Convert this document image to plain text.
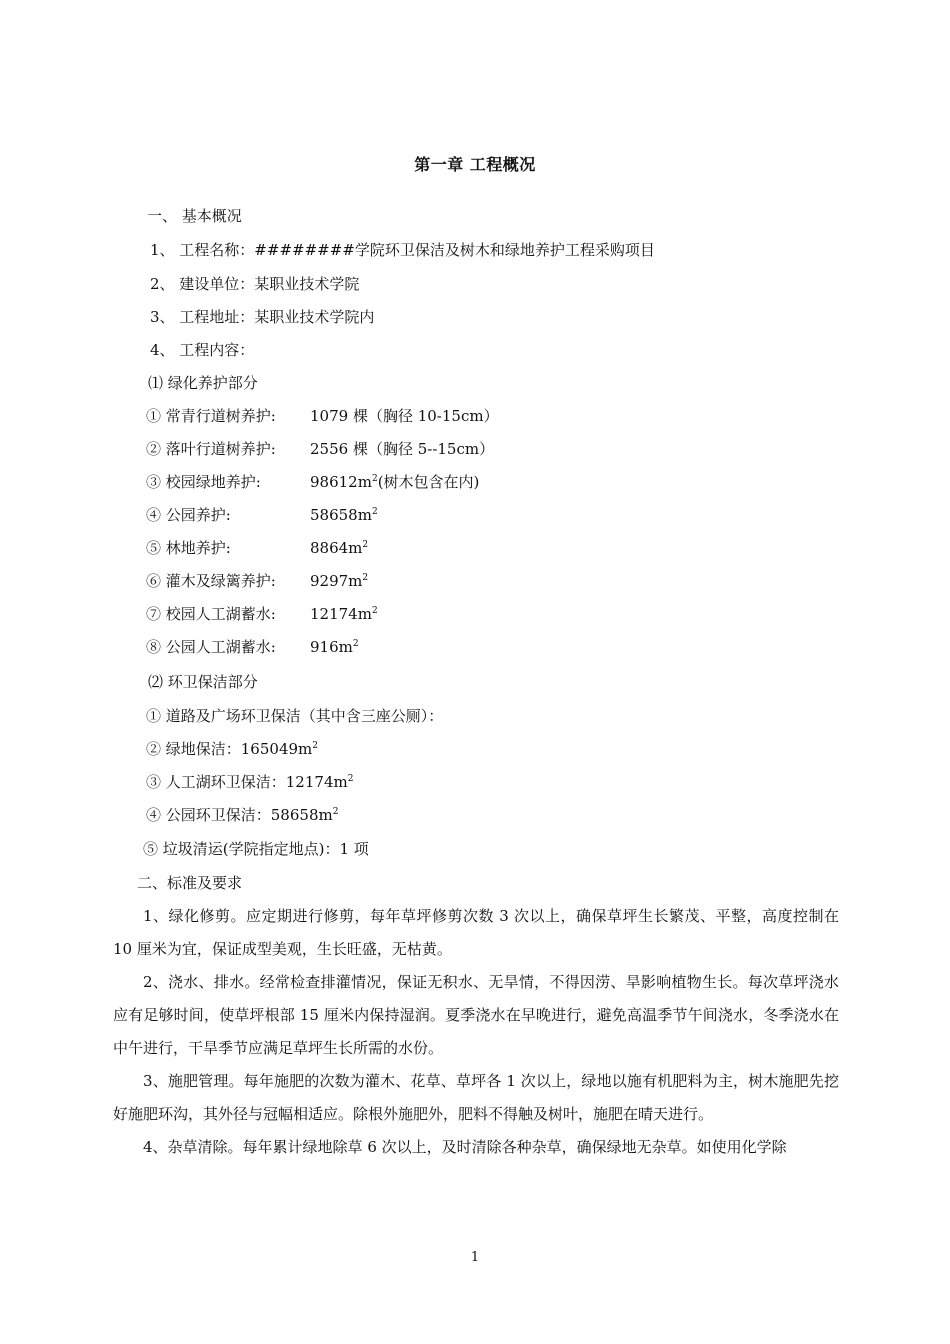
第一章 工程概况
一、 基本概况
1、 工程名称：########学院环卫保洁及树木和绿地养护工程采购项目
2、 建设单位：某职业技术学院
3、 工程地址：某职业技术学院内
4、 工程内容：
⑴ 绿化养护部分
① 常青行道树养护: 1079 棵（胸径 10-15cm）
② 落叶行道树养护: 2556 棵（胸径 5--15cm）
③ 校园绿地养护:	$98612m^2$(树木包含在内)
④ 公园养护:	$58658m^2$
⑤ 林地养护:	$8864m^2$
⑥ 灌木及绿篱养护: $9297m^2$
⑦ 校园人工湖蓄水: $12174m^2$
⑧ 公园人工湖蓄水: $916m^2$
⑵ 环卫保洁部分
① 道路及广场环卫保洁（其中含三座公厕）：
② 绿地保洁：$165049m^2$
③ 人工湖环卫保洁：$12174m^2$
④ 公园环卫保洁：$58658m^2$
⑤ 垃圾清运(学院指定地点)：1 项
二、标准及要求
1、绿化修剪。应定期进行修剪，每年草坪修剪次数 3 次以上，确保草坪生长繁茂、平整，高度控制在 10 厘米为宜，保证成型美观，生长旺盛，无枯黄。
2、浇水、排水。经常检查排灌情况，保证无积水、无旱情，不得因涝、旱影响植物生长。每次草坪浇水应有足够时间，使草坪根部 15 厘米内保持湿润。夏季浇水在早晚进行，避免高温季节午间浇水，冬季浇水在中午进行，干旱季节应满足草坪生长所需的水份。
3、施肥管理。每年施肥的次数为灌木、花草、草坪各 1 次以上，绿地以施有机肥料为主，树木施肥先挖好施肥环沟，其外径与冠幅相适应。除根外施肥外，肥料不得触及树叶，施肥在晴天进行。
4、杂草清除。每年累计绿地除草 6 次以上，及时清除各种杂草，确保绿地无杂草。如使用化学除
1
